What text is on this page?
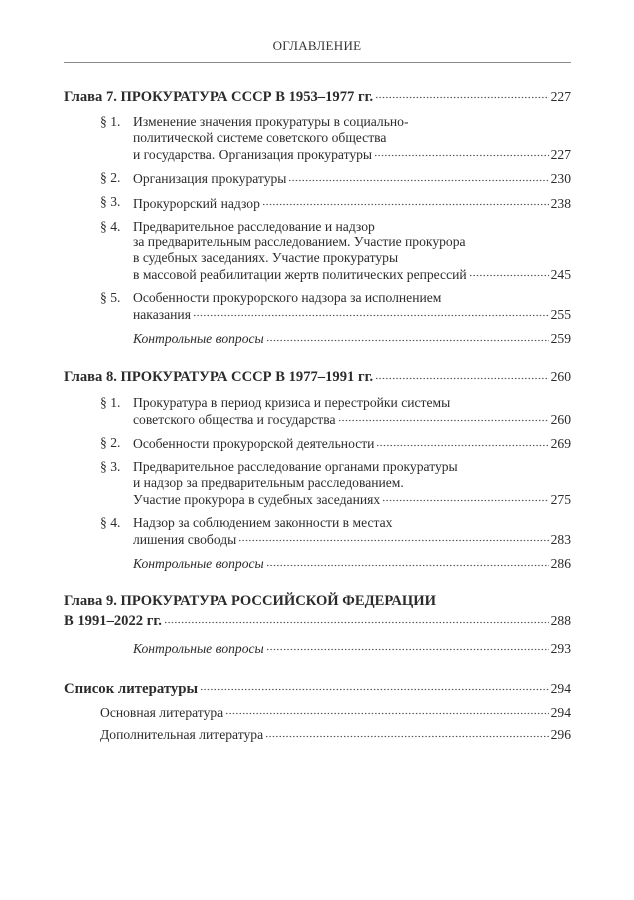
ОГЛАВЛЕНИЕ
Глава 7. ПРОКУРАТУРА СССР В 1953–1977 гг.	227
§ 1. Изменение значения прокуратуры в социально-
политической системе советского общества
и государства. Организация прокуратуры	227
§ 2. Организация прокуратуры	230
§ 3. Прокурорский надзор	238
§ 4. Предварительное расследование и надзор
за предварительным расследованием. Участие прокурора
в судебных заседаниях. Участие прокуратуры
в массовой реабилитации жертв политических репрессий	245
§ 5. Особенности прокурорского надзора за исполнением
наказания	255
Контрольные вопросы	259
Глава 8. ПРОКУРАТУРА СССР В 1977–1991 гг.	260
§ 1. Прокуратура в период кризиса и перестройки системы
советского общества и государства	260
§ 2. Особенности прокурорской деятельности	269
§ 3. Предварительное расследование органами прокуратуры
и надзор за предварительным расследованием.
Участие прокурора в судебных заседаниях	275
§ 4. Надзор за соблюдением законности в местах
лишения свободы	283
Контрольные вопросы	286
Глава 9. ПРОКУРАТУРА РОССИЙСКОЙ ФЕДЕРАЦИИ
В 1991–2022 гг.	288
Контрольные вопросы	293
Список литературы	294
Основная литература	294
Дополнительная литература	296
